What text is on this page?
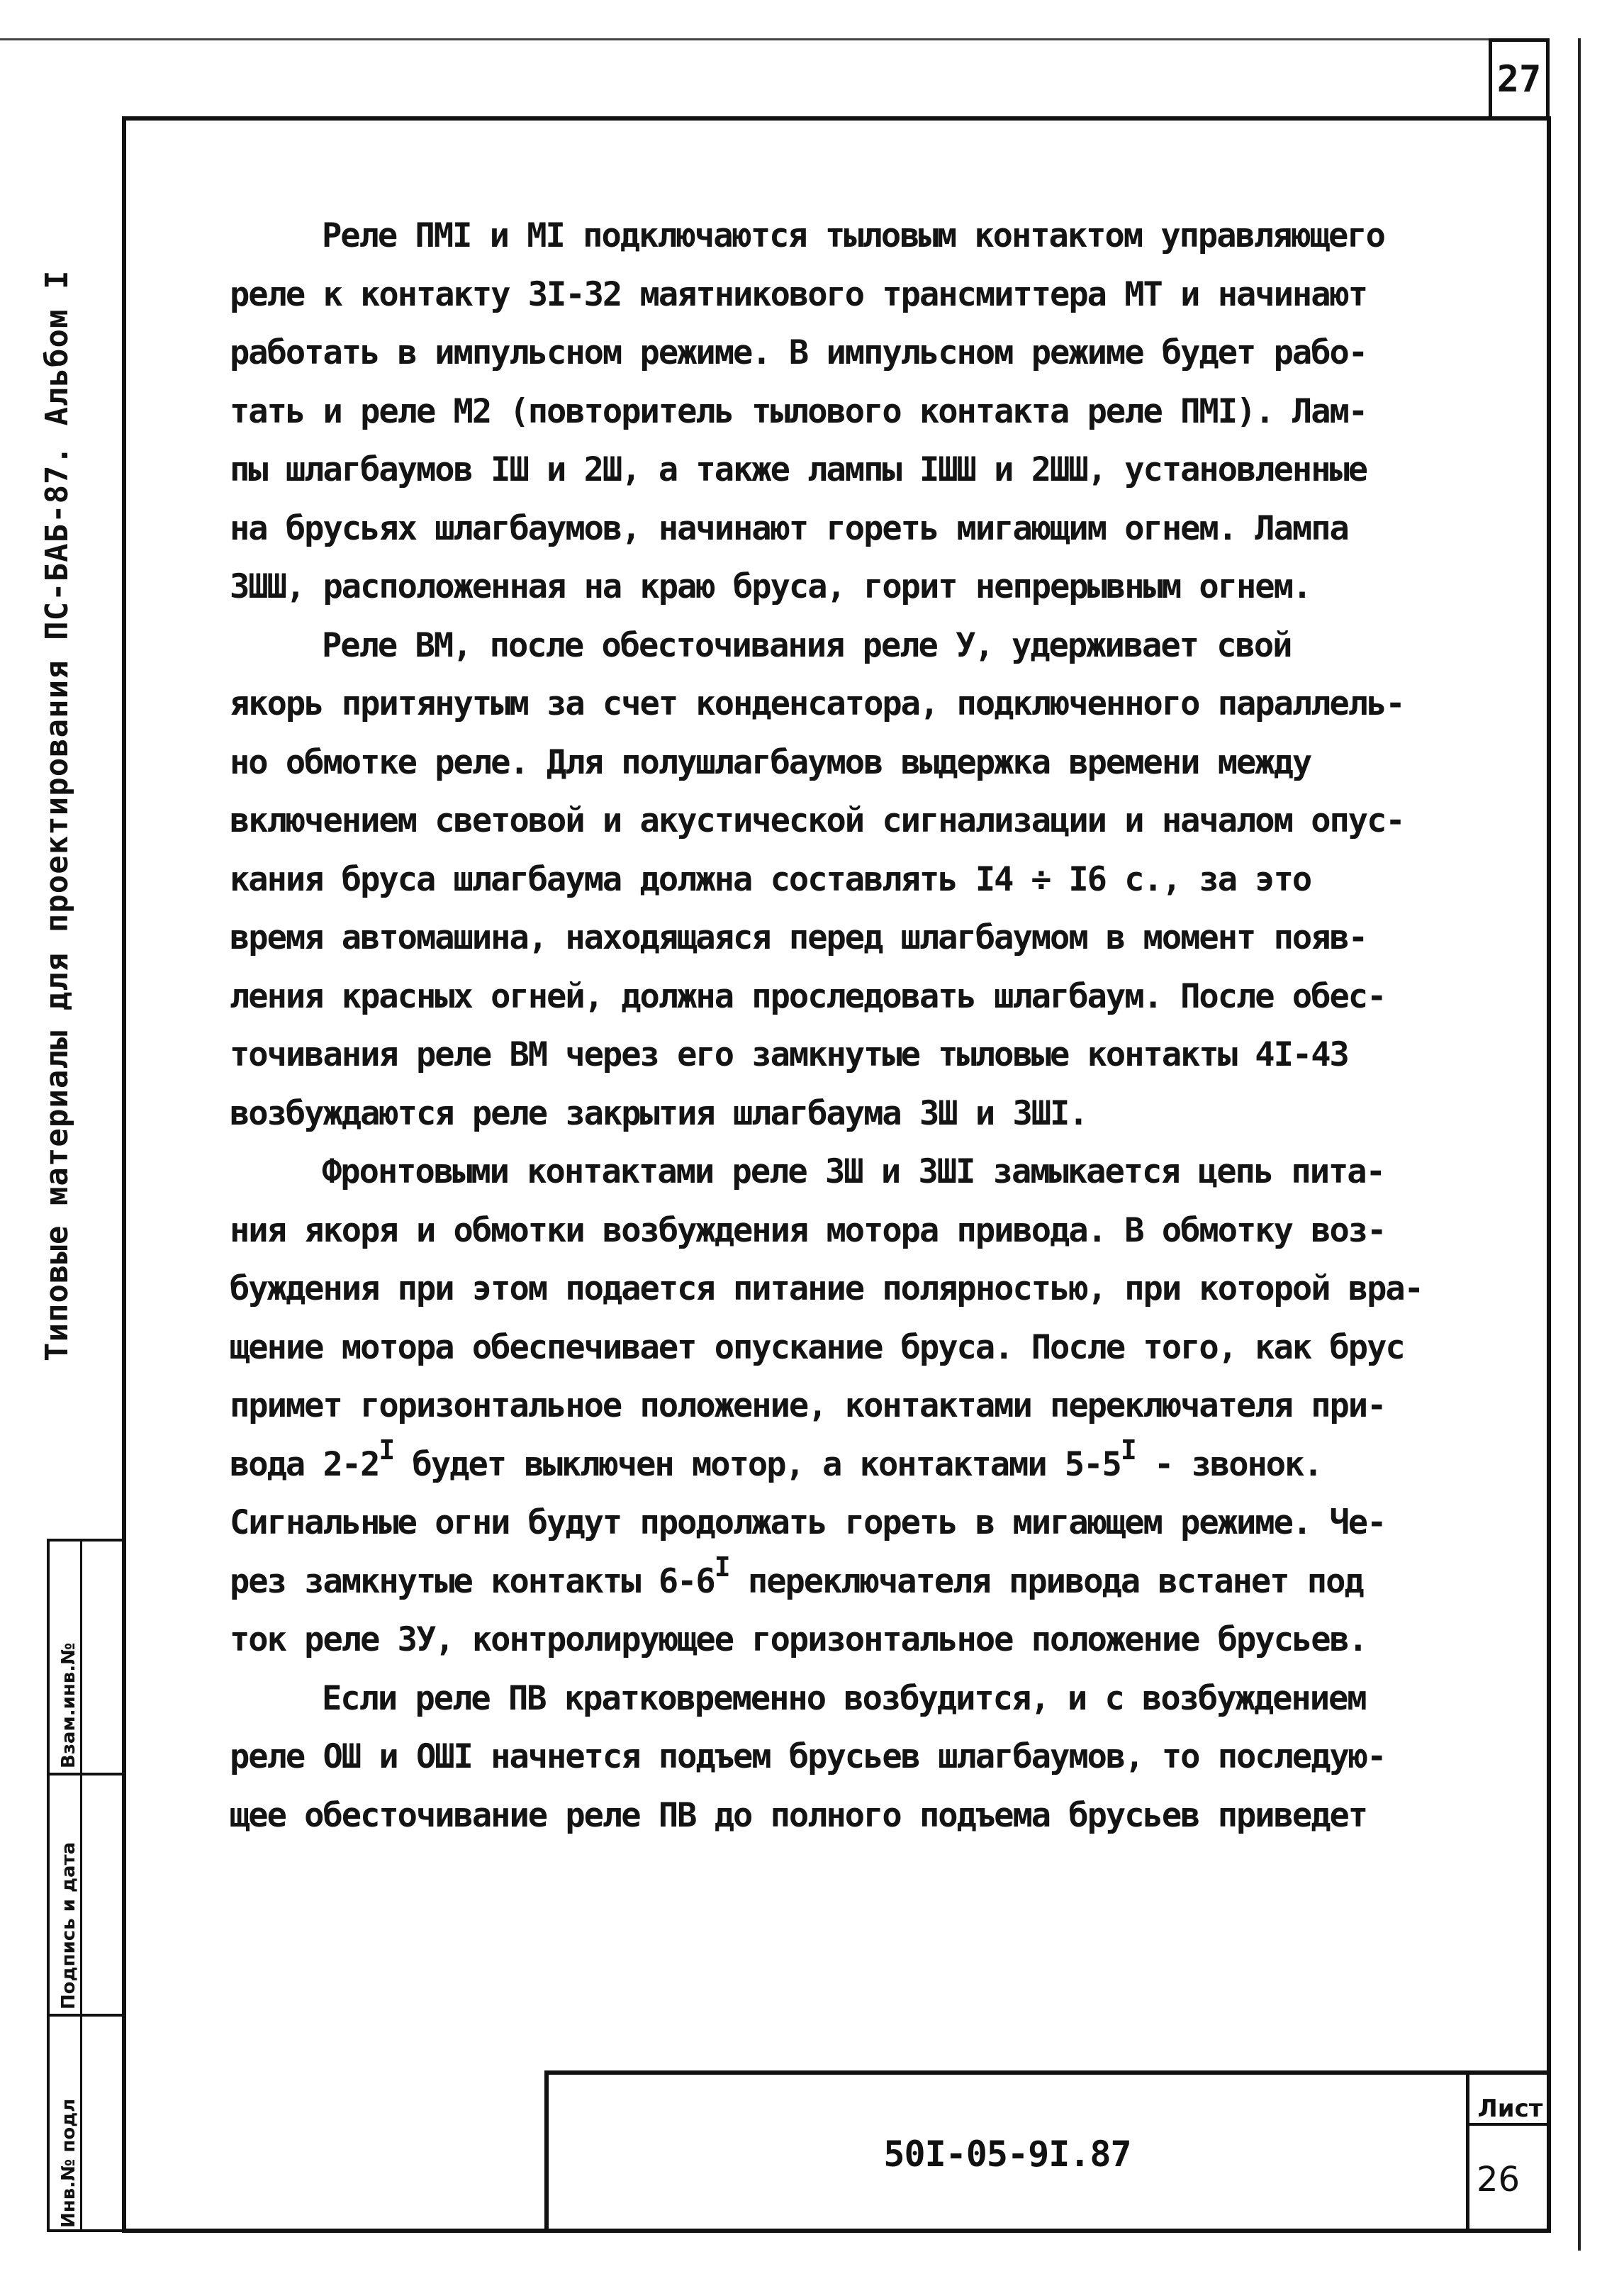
27
Типовые материалы для проектирования ПС-БАБ-87. Альбом I
Взам.инв.№
Подпись и дата
Инв.№ подл
Реле ПМI и МI подключаются тыловым контактом управляющего
реле к контакту 3I-32 маятникового трансмиттера МТ и начинают
работать в импульсном режиме. В импульсном режиме будет рабо-
тать и реле М2 (повторитель тылового контакта реле ПМI). Лам-
пы шлагбаумов IШ и 2Ш, а также лампы IШШ и 2ШШ, установленные
на брусьях шлагбаумов, начинают гореть мигающим огнем. Лампа
3ШШ, расположенная на краю бруса, горит непрерывным огнем.
Реле ВМ, после обесточивания реле У, удерживает свой
якорь притянутым за счет конденсатора, подключенного параллель-
но обмотке реле. Для полушлагбаумов выдержка времени между
включением световой и акустической сигнализации и началом опус-
кания бруса шлагбаума должна составлять I4 ÷ I6 с., за это
время автомашина, находящаяся перед шлагбаумом в момент появ-
ления красных огней, должна проследовать шлагбаум. После обес-
точивания реле ВМ через его замкнутые тыловые контакты 4I-43
возбуждаются реле закрытия шлагбаума ЗШ и ЗШI.
Фронтовыми контактами реле ЗШ и ЗШI замыкается цепь пита-
ния якоря и обмотки возбуждения мотора привода. В обмотку воз-
буждения при этом подается питание полярностью, при которой вра-
щение мотора обеспечивает опускание бруса. После того, как брус
примет горизонтальное положение, контактами переключателя при-
вода $2-2^I$ будет выключен мотор, а контактами $5-5^I$ - звонок.
Сигнальные огни будут продолжать гореть в мигающем режиме. Че-
рез замкнутые контакты $6-6^I$ переключателя привода встанет под
ток реле ЗУ, контролирующее горизонтальное положение брусьев.
Если реле ПВ кратковременно возбудится, и с возбуждением
реле ОШ и ОШI начнется подъем брусьев шлагбаумов, то последую-
щее обесточивание реле ПВ до полного подъема брусьев приведет
50I-05-9I.87
Лист
26
